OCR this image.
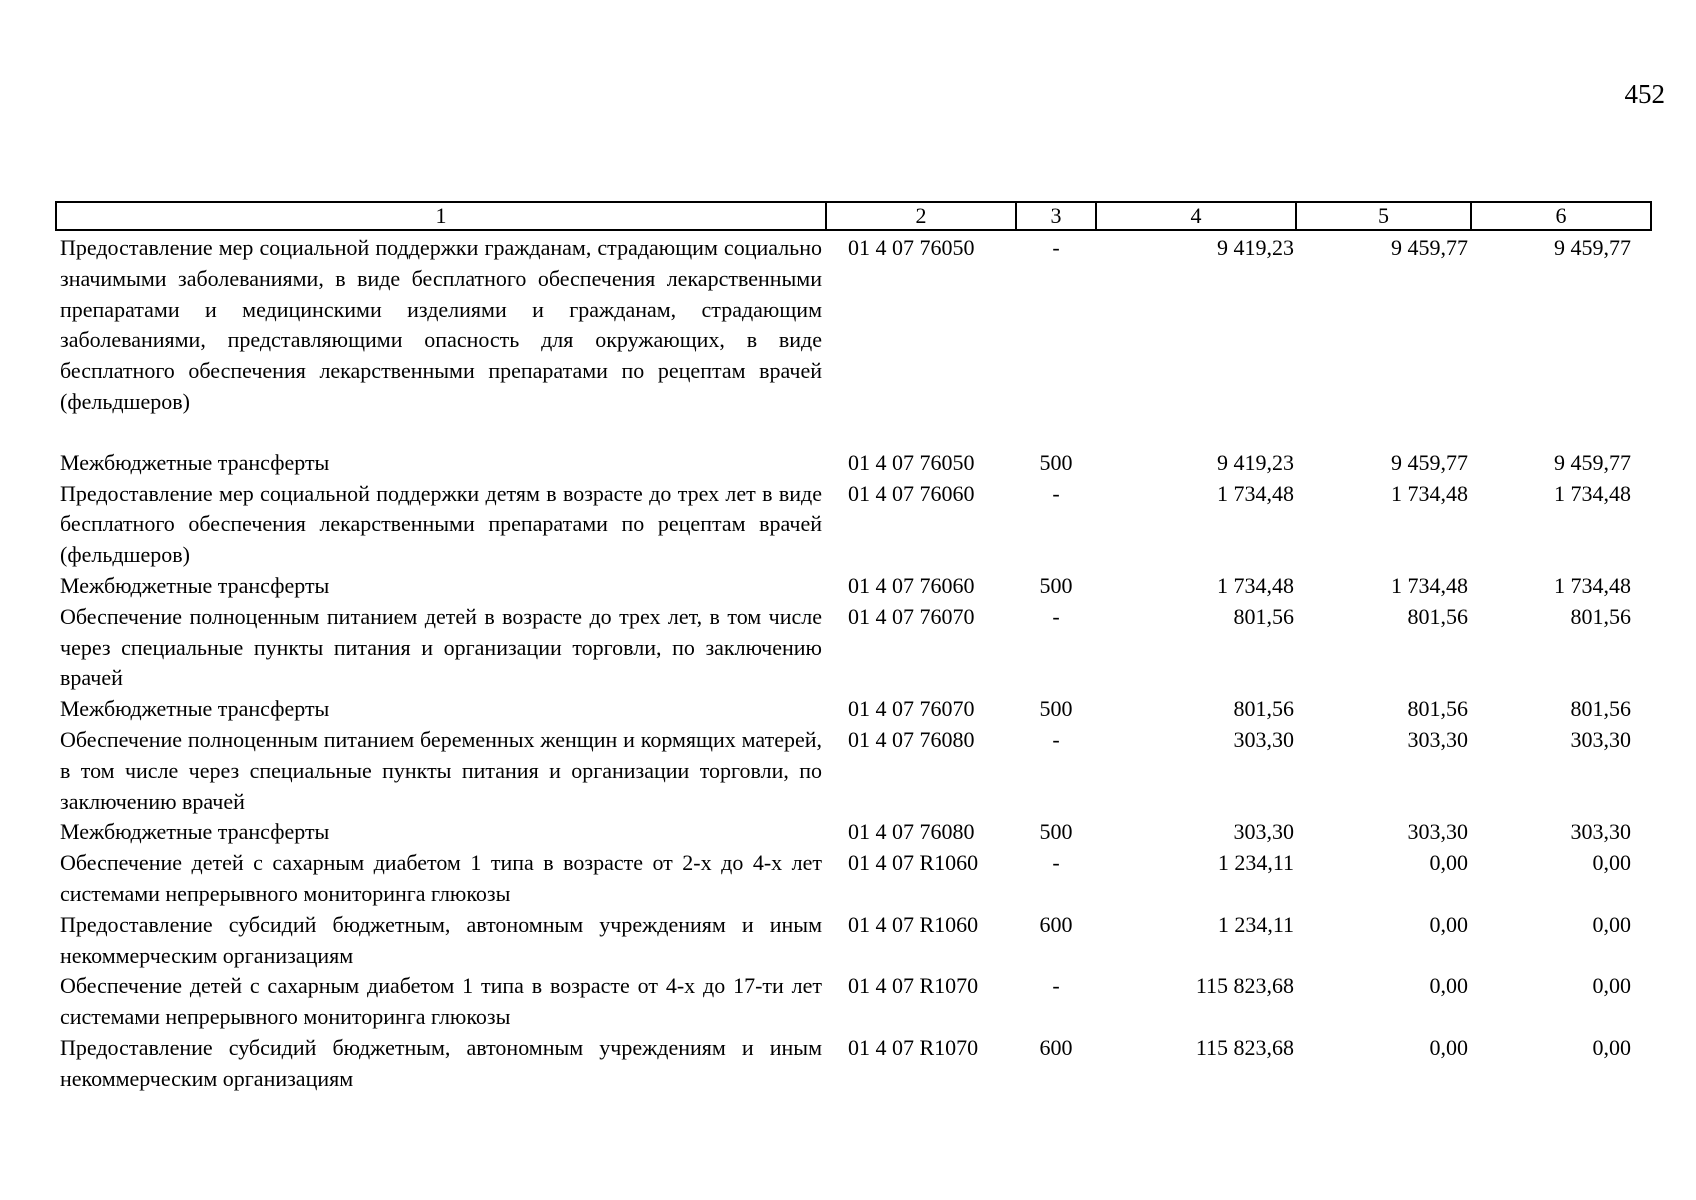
452
1	2	3	4	5	6
Предоставление мер социальной поддержки гражданам, страдающим социально значимыми заболеваниями, в виде бесплатного обеспечения лекарственными препаратами и медицинскими изделиями и гражданам, страдающим заболеваниями, представляющими опасность для окружающих, в виде бесплатного обеспечения лекарственными препаратами по рецептам врачей (фельдшеров)	01 4 07 76050	-	9 419,23	9 459,77	9 459,77
Межбюджетные трансферты	01 4 07 76050	500	9 419,23	9 459,77	9 459,77
Предоставление мер социальной поддержки детям в возрасте до трех лет в виде бесплатного обеспечения лекарственными препаратами по рецептам врачей (фельдшеров)	01 4 07 76060	-	1 734,48	1 734,48	1 734,48
Межбюджетные трансферты	01 4 07 76060	500	1 734,48	1 734,48	1 734,48
Обеспечение полноценным питанием детей в возрасте до трех лет, в том числе через специальные пункты питания и организации торговли, по заключению врачей	01 4 07 76070	-	801,56	801,56	801,56
Межбюджетные трансферты	01 4 07 76070	500	801,56	801,56	801,56
Обеспечение полноценным питанием беременных женщин и кормящих матерей, в том числе через специальные пункты питания и организации торговли, по заключению врачей	01 4 07 76080	-	303,30	303,30	303,30
Межбюджетные трансферты	01 4 07 76080	500	303,30	303,30	303,30
Обеспечение детей с сахарным диабетом 1 типа в возрасте от 2-х до 4-х лет системами непрерывного мониторинга глюкозы	01 4 07 R1060	-	1 234,11	0,00	0,00
Предоставление субсидий бюджетным, автономным учреждениям и иным некоммерческим организациям	01 4 07 R1060	600	1 234,11	0,00	0,00
Обеспечение детей с сахарным диабетом 1 типа в возрасте от 4-х до 17-ти лет системами непрерывного мониторинга глюкозы	01 4 07 R1070	-	115 823,68	0,00	0,00
Предоставление субсидий бюджетным, автономным учреждениям и иным некоммерческим организациям	01 4 07 R1070	600	115 823,68	0,00	0,00
